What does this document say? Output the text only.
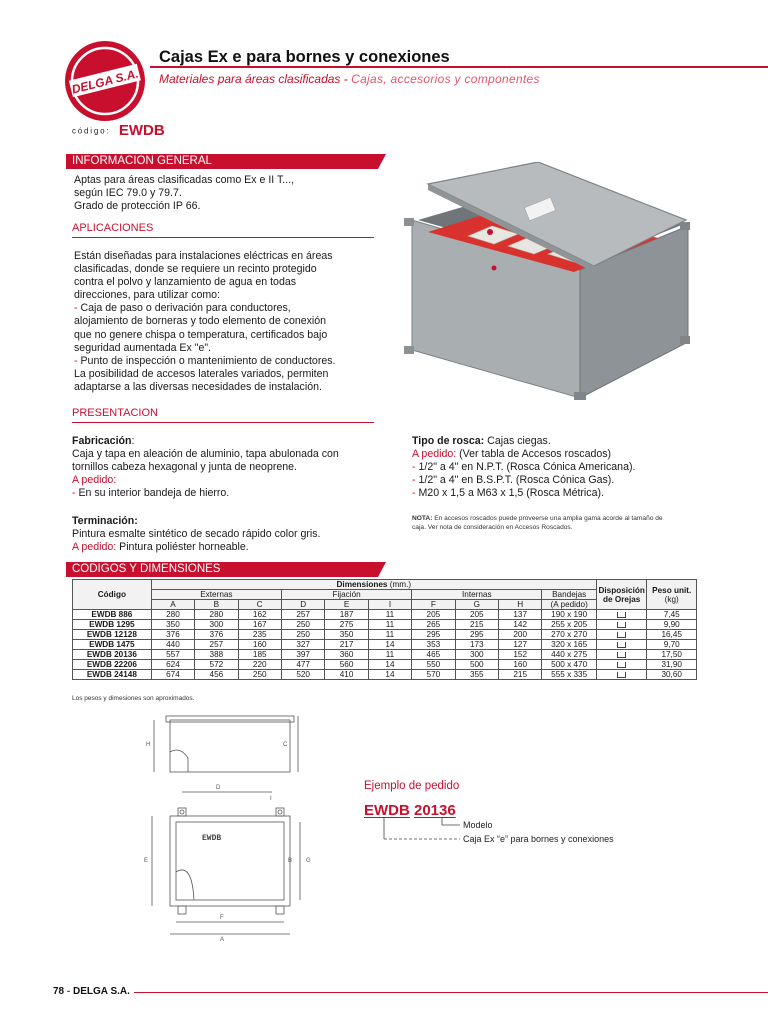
DELGA S.A.
Cajas Ex e para bornes y conexiones
Materiales para áreas clasificadas - Cajas, accesorios y componentes
código: EWDB
INFORMACION GENERAL
Aptas para áreas clasificadas como Ex e II T...,
según IEC 79.0 y 79.7.
Grado de protección IP 66.
APLICACIONES
Están diseñadas para instalaciones eléctricas en áreas
clasificadas, donde se requiere un recinto protegido
contra el polvo y lanzamiento de agua en todas
direcciones, para utilizar como:
- Caja de paso o derivación para conductores,
alojamiento de borneras y todo elemento de conexión
que no genere chispa o temperatura, certificados bajo
seguridad aumentada Ex "e".
- Punto de inspección o mantenimiento de conductores.
La posibilidad de accesos laterales variados, permiten
adaptarse a las diversas necesidades de instalación.
PRESENTACION
Fabricación:
Caja y tapa en aleación de aluminio, tapa abulonada con
tornillos cabeza hexagonal y junta de neoprene.
A pedido:
- En su interior bandeja de hierro.
Terminación:
Pintura esmalte sintético de secado rápido color gris.
A pedido: Pintura poliéster horneable.
Tipo de rosca: Cajas ciegas.
A pedido: (Ver tabla de Accesos roscados)
- 1/2" a 4" en N.P.T. (Rosca Cónica Americana).
- 1/2" a 4" en B.S.P.T. (Rosca Cónica Gas).
- M20 x 1,5 a M63 x 1,5 (Rosca Métrica).
NOTA: En accesos roscados puede proveerse una amplia gama acorde al tamaño de caja. Ver nota de consideración en Accesos Roscados.
CODIGOS Y DIMENSIONES
Código	Dimensiones (mm.)										Disposición de Orejas	Peso unit.
(kg)
	Externas			Fijación			Internas			Bandejas		
	A	B	C	D	E	I	F	G	H	(A pedido)		
EWDB 886	280	280	162	257	187	11	205	205	137	190 x 190		7,45
EWDB 1295	350	300	167	250	275	11	265	215	142	255 x 205		9,90
EWDB 12128	376	376	235	250	350	11	295	295	200	270 x 270		16,45
EWDB 1475	440	257	160	327	217	14	353	173	127	320 x 165		9,70
EWDB 20136	557	388	185	397	360	11	465	300	152	440 x 275		17,50
EWDB 22206	624	572	220	477	560	14	550	500	160	500 x 470		31,90
EWDB 24148	674	456	250	520	410	14	570	355	215	555 x 335		30,60
Los pesos y dimesiones son aproximados.
H	C
D
I
EWDB
E	B G
F
A
Ejemplo de pedido
EWDB 20136
Modelo
Caja Ex “e” para bornes y conexiones
78 - DELGA S.A.
